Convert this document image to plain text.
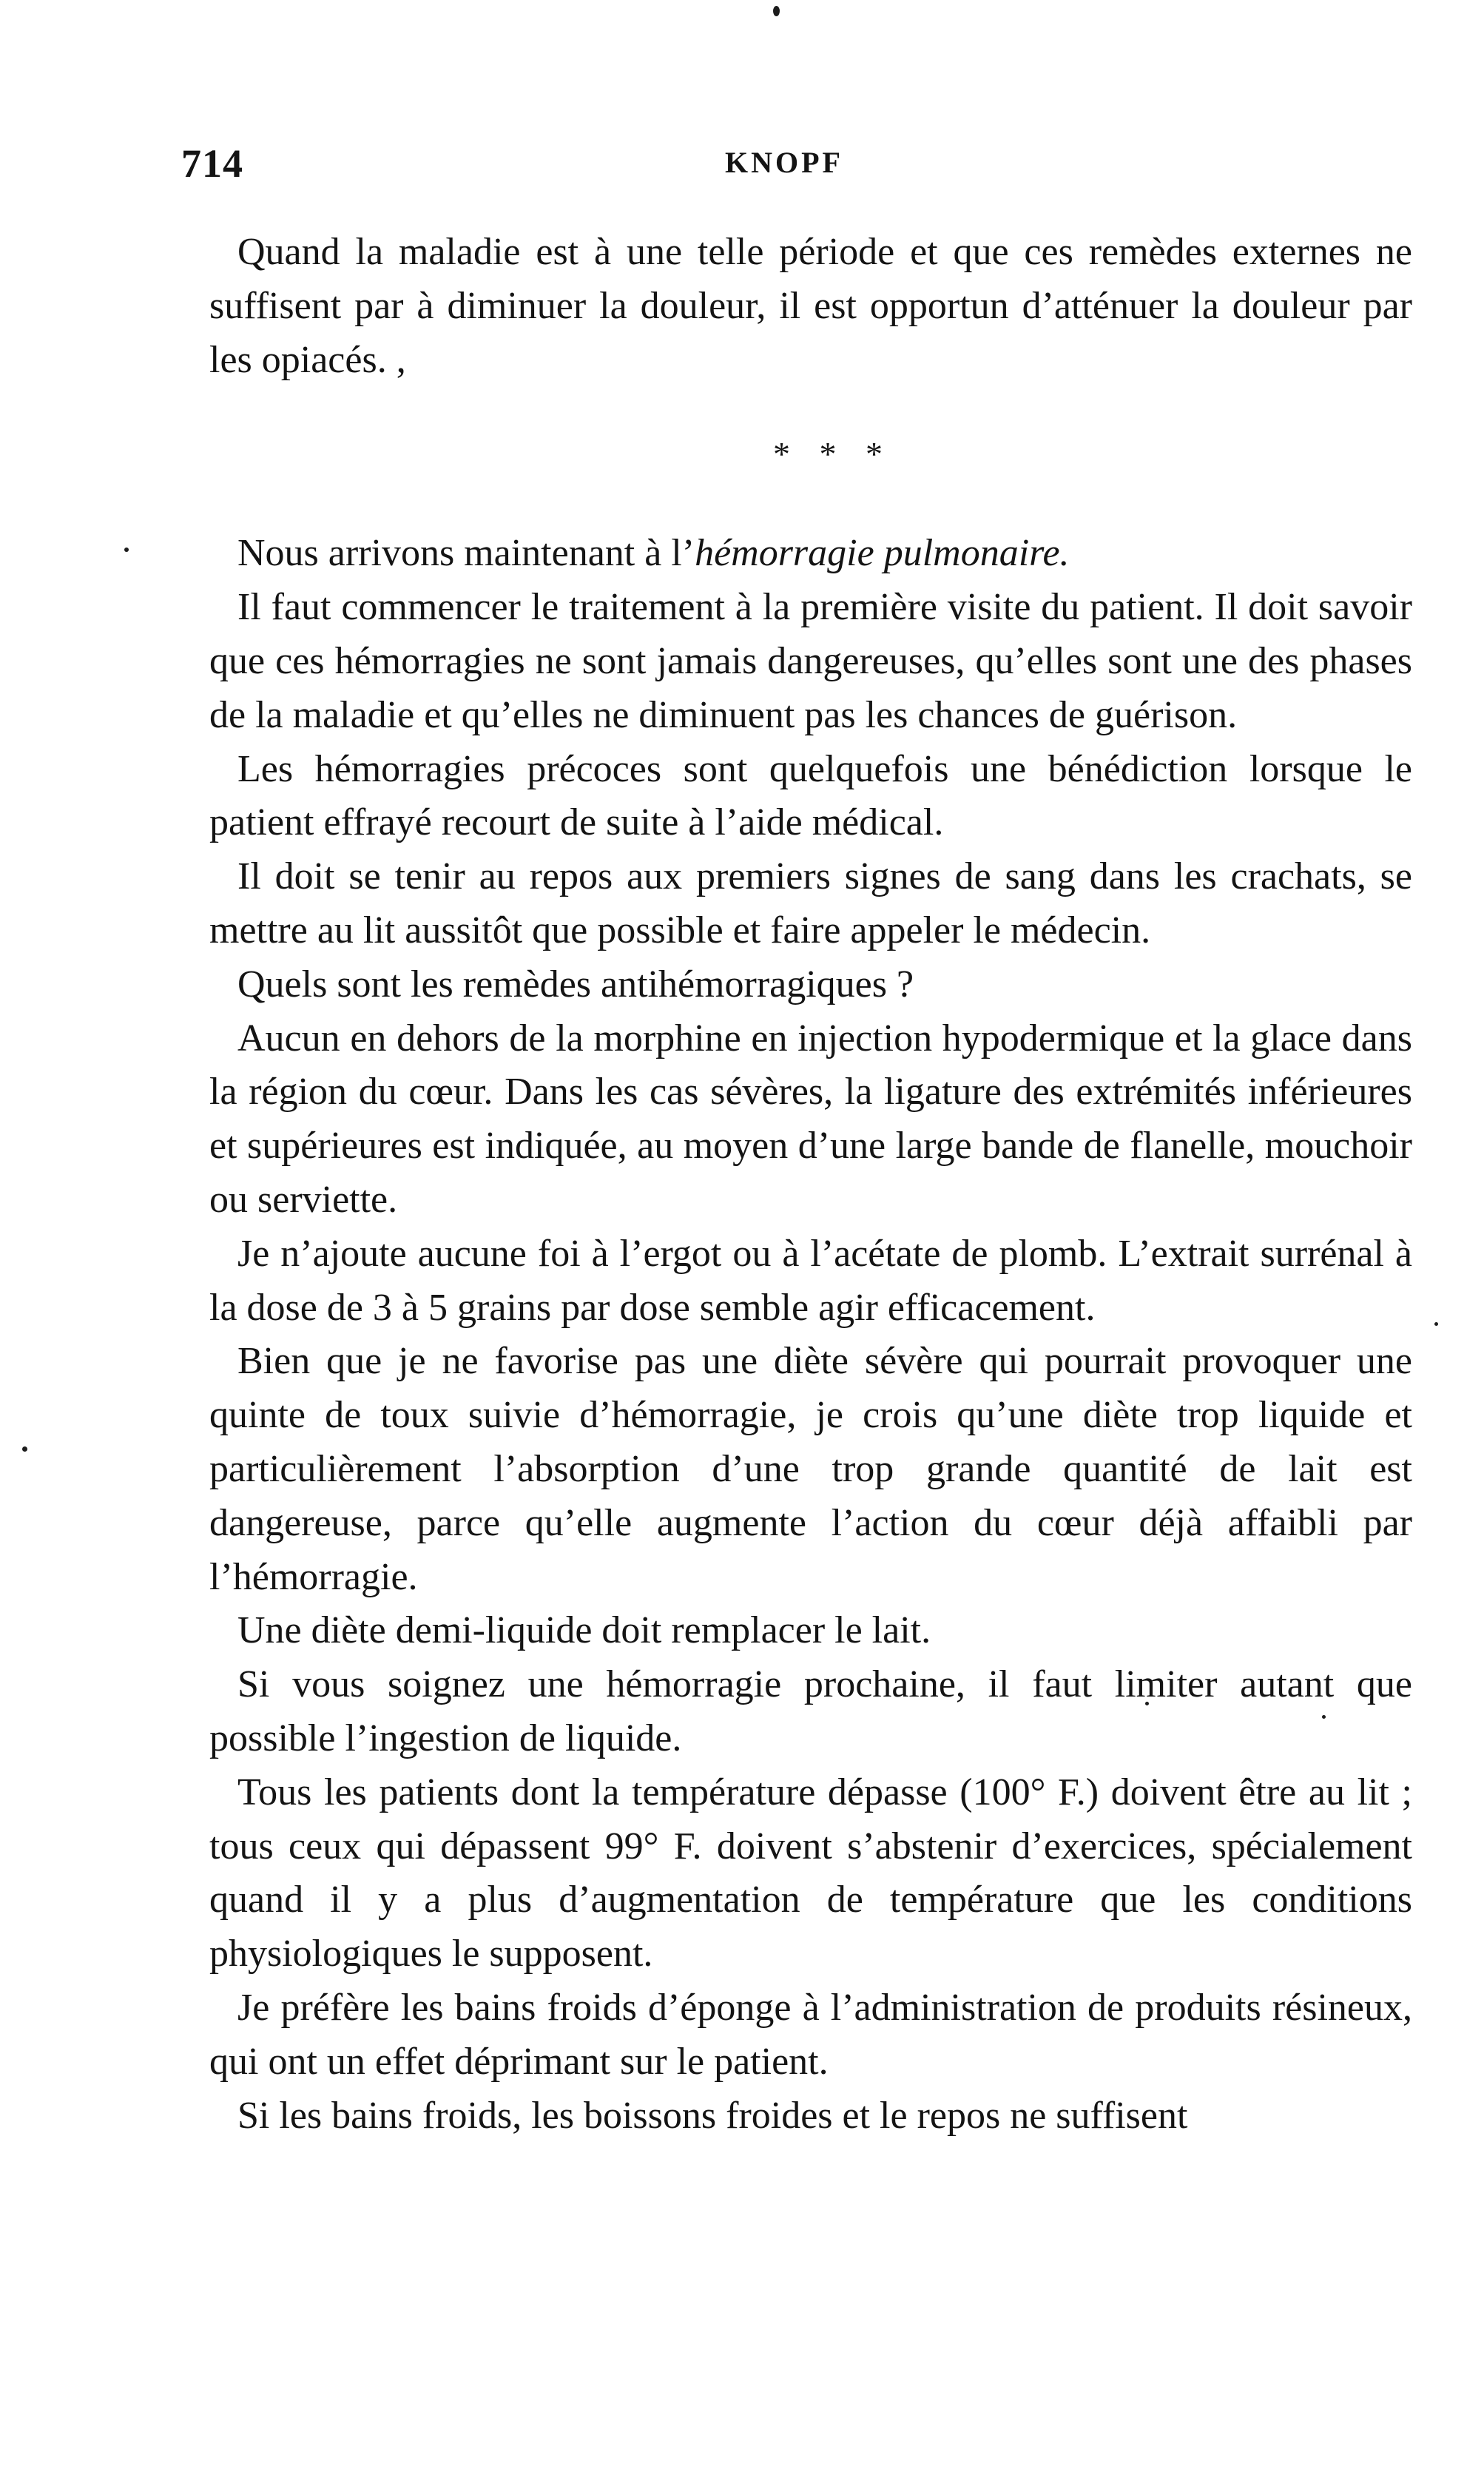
714	KNOPF

Quand la maladie est à une telle période et que ces remèdes externes ne suffisent par à diminuer la douleur, il est opportun d’atténuer la douleur par les opiacés. ,

* * *

Nous arrivons maintenant à l’hémorragie pulmonaire.

Il faut commencer le traitement à la première visite du patient. Il doit savoir que ces hémorragies ne sont jamais dangereuses, qu’elles sont une des phases de la maladie et qu’elles ne diminuent pas les chances de guérison.

Les hémorragies précoces sont quelquefois une bénédiction lorsque le patient effrayé recourt de suite à l’aide médical.

Il doit se tenir au repos aux premiers signes de sang dans les crachats, se mettre au lit aussitôt que possible et faire appeler le médecin.

Quels sont les remèdes antihémorragiques ?

Aucun en dehors de la morphine en injection hypodermique et la glace dans la région du cœur. Dans les cas sévères, la ligature des extrémités inférieures et supérieures est indiquée, au moyen d’une large bande de flanelle, mouchoir ou serviette.

Je n’ajoute aucune foi à l’ergot ou à l’acétate de plomb. L’extrait surrénal à la dose de 3 à 5 grains par dose semble agir efficacement.

Bien que je ne favorise pas une diète sévère qui pourrait provoquer une quinte de toux suivie d’hémorragie, je crois qu’une diète trop liquide et particulièrement l’absorption d’une trop grande quantité de lait est dangereuse, parce qu’elle augmente l’action du cœur déjà affaibli par l’hémorragie.

Une diète demi-liquide doit remplacer le lait.

Si vous soignez une hémorragie prochaine, il faut limiter autant que possible l’ingestion de liquide.

Tous les patients dont la température dépasse (100° F.) doivent être au lit ; tous ceux qui dépassent 99° F. doivent s’abstenir d’exercices, spécialement quand il y a plus d’augmentation de température que les conditions physiologiques le supposent.

Je préfère les bains froids d’éponge à l’administration de produits résineux, qui ont un effet déprimant sur le patient.

Si les bains froids, les boissons froides et le repos ne suffisent
